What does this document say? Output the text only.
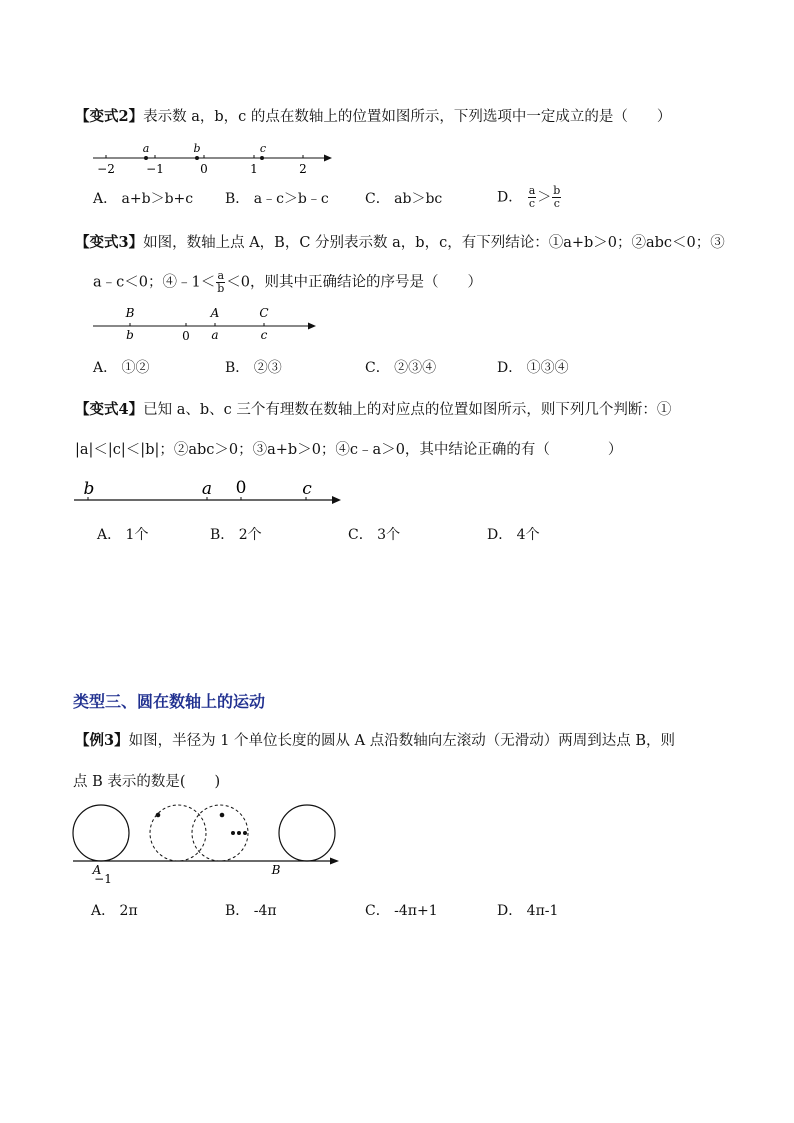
【变式2】表示数 a，b，c 的点在数轴上的位置如图所示，下列选项中一定成立的是（　　）
a	b	c
−2	−1	0	1	2
A． a+b＞b+c B． a﹣c＞b﹣c	C． ab＞bc	D． $\frac{a}{c} > \frac{b}{c}$
【变式3】如图，数轴上点 A，B，C 分别表示数 a，b，c，有下列结论：①a+b＞0；②abc＜0；③
a﹣c＜0；④﹣1＜ $\frac{a}{b} <0$，则其中正确结论的序号是（　　）
B	A	C
b	0 a	c
A． ①②	B． ②③	C． ②③④	D． ①③④
【变式4】已知 a、b、c 三个有理数在数轴上的对应点的位置如图所示，则下列几个判断：①
|a|＜|c|＜|b|；②abc＞0；③a+b＞0；④c﹣a＞0，其中结论正确的有（　　　　）
b	a 0	c
A． 1个	B． 2个	C． 3个	D． 4个
类型三、圆在数轴上的运动
【例3】如图，半径为 1 个单位长度的圆从 A 点沿数轴向左滚动（无滑动）两周到达点 B，则
点 B 表示的数是(　　)
A
−1
B
A． 2π	B． -4π	C． -4π+1	D． 4π-1
